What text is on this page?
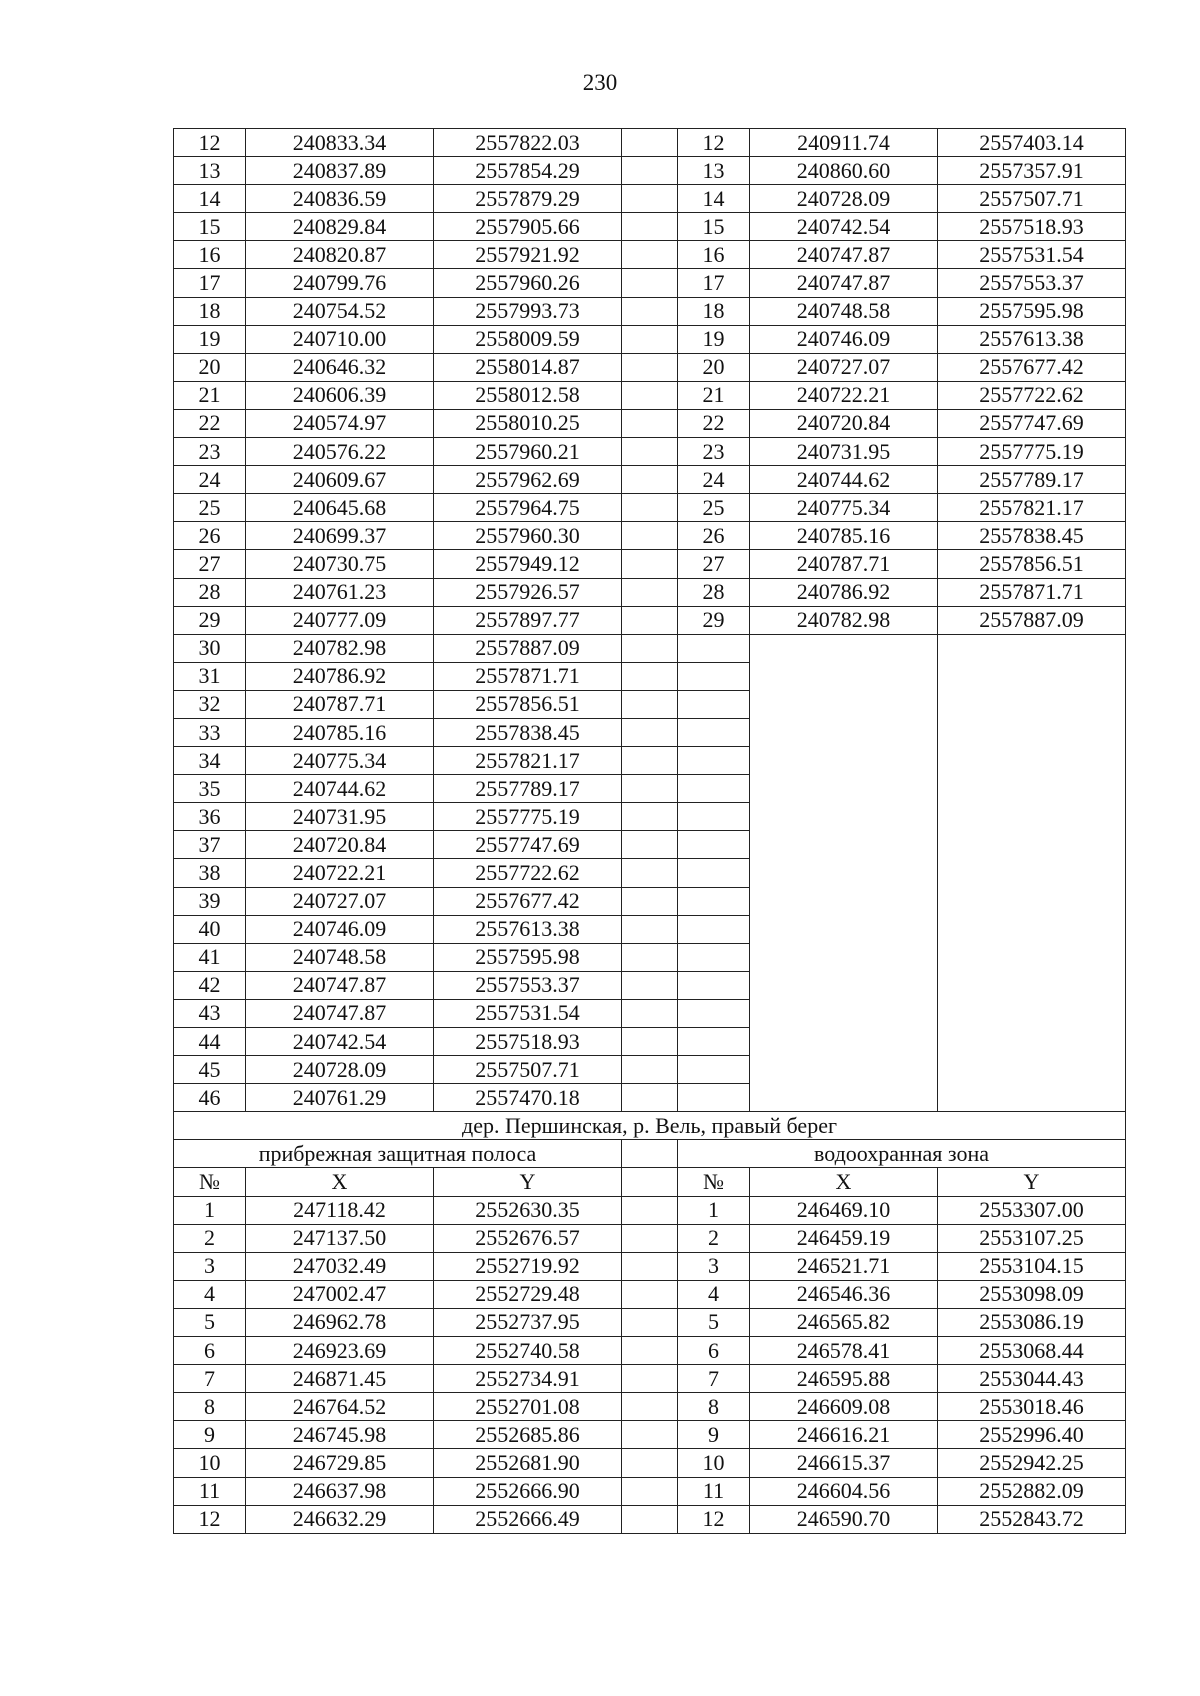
230
12	240833.34	2557822.03		12	240911.74	2557403.14
13	240837.89	2557854.29		13	240860.60	2557357.91
14	240836.59	2557879.29		14	240728.09	2557507.71
15	240829.84	2557905.66		15	240742.54	2557518.93
16	240820.87	2557921.92		16	240747.87	2557531.54
17	240799.76	2557960.26		17	240747.87	2557553.37
18	240754.52	2557993.73		18	240748.58	2557595.98
19	240710.00	2558009.59		19	240746.09	2557613.38
20	240646.32	2558014.87		20	240727.07	2557677.42
21	240606.39	2558012.58		21	240722.21	2557722.62
22	240574.97	2558010.25		22	240720.84	2557747.69
23	240576.22	2557960.21		23	240731.95	2557775.19
24	240609.67	2557962.69		24	240744.62	2557789.17
25	240645.68	2557964.75		25	240775.34	2557821.17
26	240699.37	2557960.30		26	240785.16	2557838.45
27	240730.75	2557949.12		27	240787.71	2557856.51
28	240761.23	2557926.57		28	240786.92	2557871.71
29	240777.09	2557897.77		29	240782.98	2557887.09
30	240782.98	2557887.09				
31	240786.92	2557871.71				
32	240787.71	2557856.51				
33	240785.16	2557838.45				
34	240775.34	2557821.17				
35	240744.62	2557789.17				
36	240731.95	2557775.19				
37	240720.84	2557747.69				
38	240722.21	2557722.62				
39	240727.07	2557677.42				
40	240746.09	2557613.38				
41	240748.58	2557595.98				
42	240747.87	2557553.37				
43	240747.87	2557531.54				
44	240742.54	2557518.93				
45	240728.09	2557507.71				
46	240761.29	2557470.18				
дер. Першинская, р. Вель, правый берег						
прибрежная защитная полоса				водоохранная зона		
№	X	Y		№	X	Y
1	247118.42	2552630.35		1	246469.10	2553307.00
2	247137.50	2552676.57		2	246459.19	2553107.25
3	247032.49	2552719.92		3	246521.71	2553104.15
4	247002.47	2552729.48		4	246546.36	2553098.09
5	246962.78	2552737.95		5	246565.82	2553086.19
6	246923.69	2552740.58		6	246578.41	2553068.44
7	246871.45	2552734.91		7	246595.88	2553044.43
8	246764.52	2552701.08		8	246609.08	2553018.46
9	246745.98	2552685.86		9	246616.21	2552996.40
10	246729.85	2552681.90		10	246615.37	2552942.25
11	246637.98	2552666.90		11	246604.56	2552882.09
12	246632.29	2552666.49		12	246590.70	2552843.72
